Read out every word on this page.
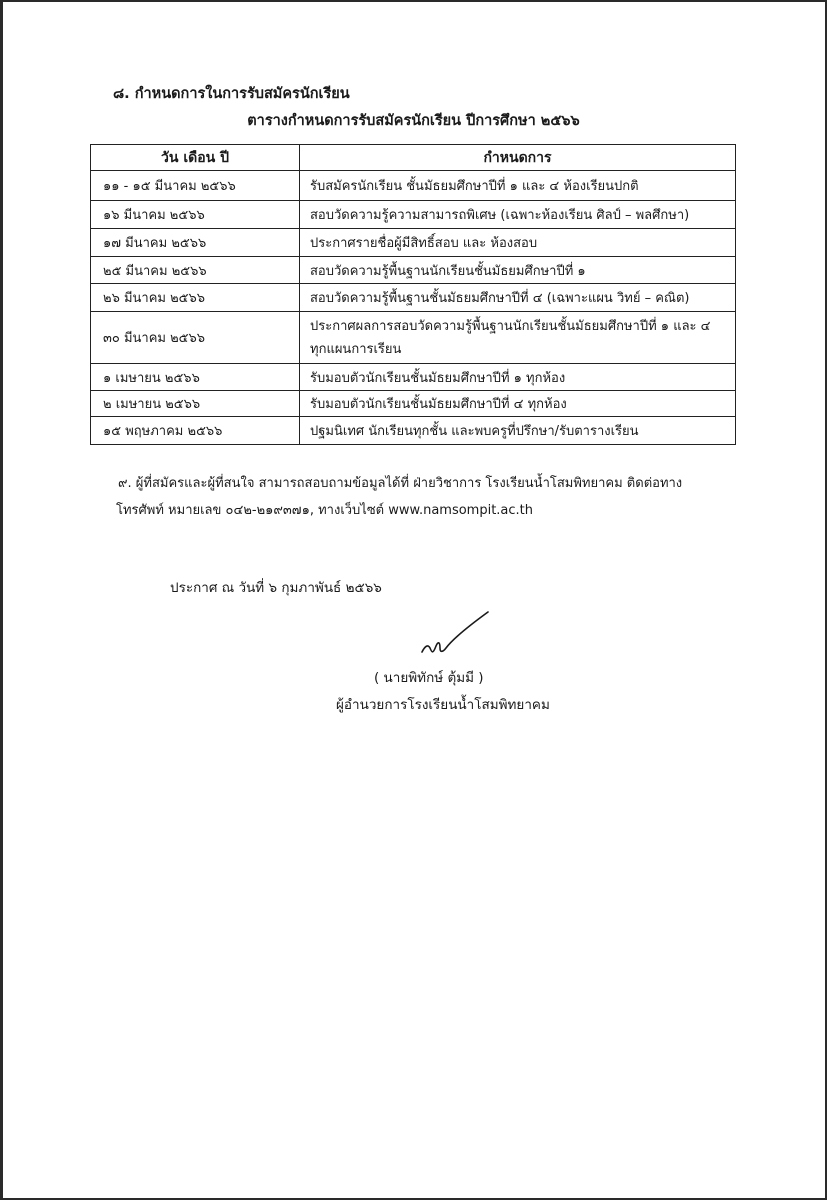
๘. กำหนดการในการรับสมัครนักเรียน
ตารางกำหนดการรับสมัครนักเรียน ปีการศึกษา ๒๕๖๖
วัน เดือน ปี	กำหนดการ
๑๑ - ๑๕ มีนาคม ๒๕๖๖	รับสมัครนักเรียน ชั้นมัธยมศึกษาปีที่ ๑ และ ๔ ห้องเรียนปกติ
๑๖ มีนาคม ๒๕๖๖	สอบวัดความรู้ความสามารถพิเศษ (เฉพาะห้องเรียน ศิลป์ – พลศึกษา)
๑๗ มีนาคม ๒๕๖๖	ประกาศรายชื่อผู้มีสิทธิ์สอบ และ ห้องสอบ
๒๕ มีนาคม ๒๕๖๖	สอบวัดความรู้พื้นฐานนักเรียนชั้นมัธยมศึกษาปีที่ ๑
๒๖ มีนาคม ๒๕๖๖	สอบวัดความรู้พื้นฐานชั้นมัธยมศึกษาปีที่ ๔ (เฉพาะแผน วิทย์ – คณิต)
๓๐ มีนาคม ๒๕๖๖	ประกาศผลการสอบวัดความรู้พื้นฐานนักเรียนชั้นมัธยมศึกษาปีที่ ๑ และ ๔
ทุกแผนการเรียน

๑ เมษายน ๒๕๖๖	รับมอบตัวนักเรียนชั้นมัธยมศึกษาปีที่ ๑ ทุกห้อง
๒ เมษายน ๒๕๖๖	รับมอบตัวนักเรียนชั้นมัธยมศึกษาปีที่ ๔ ทุกห้อง
๑๕ พฤษภาคม ๒๕๖๖	ปฐมนิเทศ นักเรียนทุกชั้น และพบครูที่ปรึกษา/รับตารางเรียน
๙. ผู้ที่สมัครและผู้ที่สนใจ สามารถสอบถามข้อมูลได้ที่ ฝ่ายวิชาการ โรงเรียนน้ำโสมพิทยาคม ติดต่อทาง
โทรศัพท์ หมายเลข ๐๔๒-๒๑๙๓๗๑, ทางเว็บไซต์ www.namsompit.ac.th
ประกาศ ณ วันที่ ๖ กุมภาพันธ์ ๒๕๖๖
( นายพิทักษ์ ตุ้มมี )
ผู้อำนวยการโรงเรียนน้ำโสมพิทยาคม
